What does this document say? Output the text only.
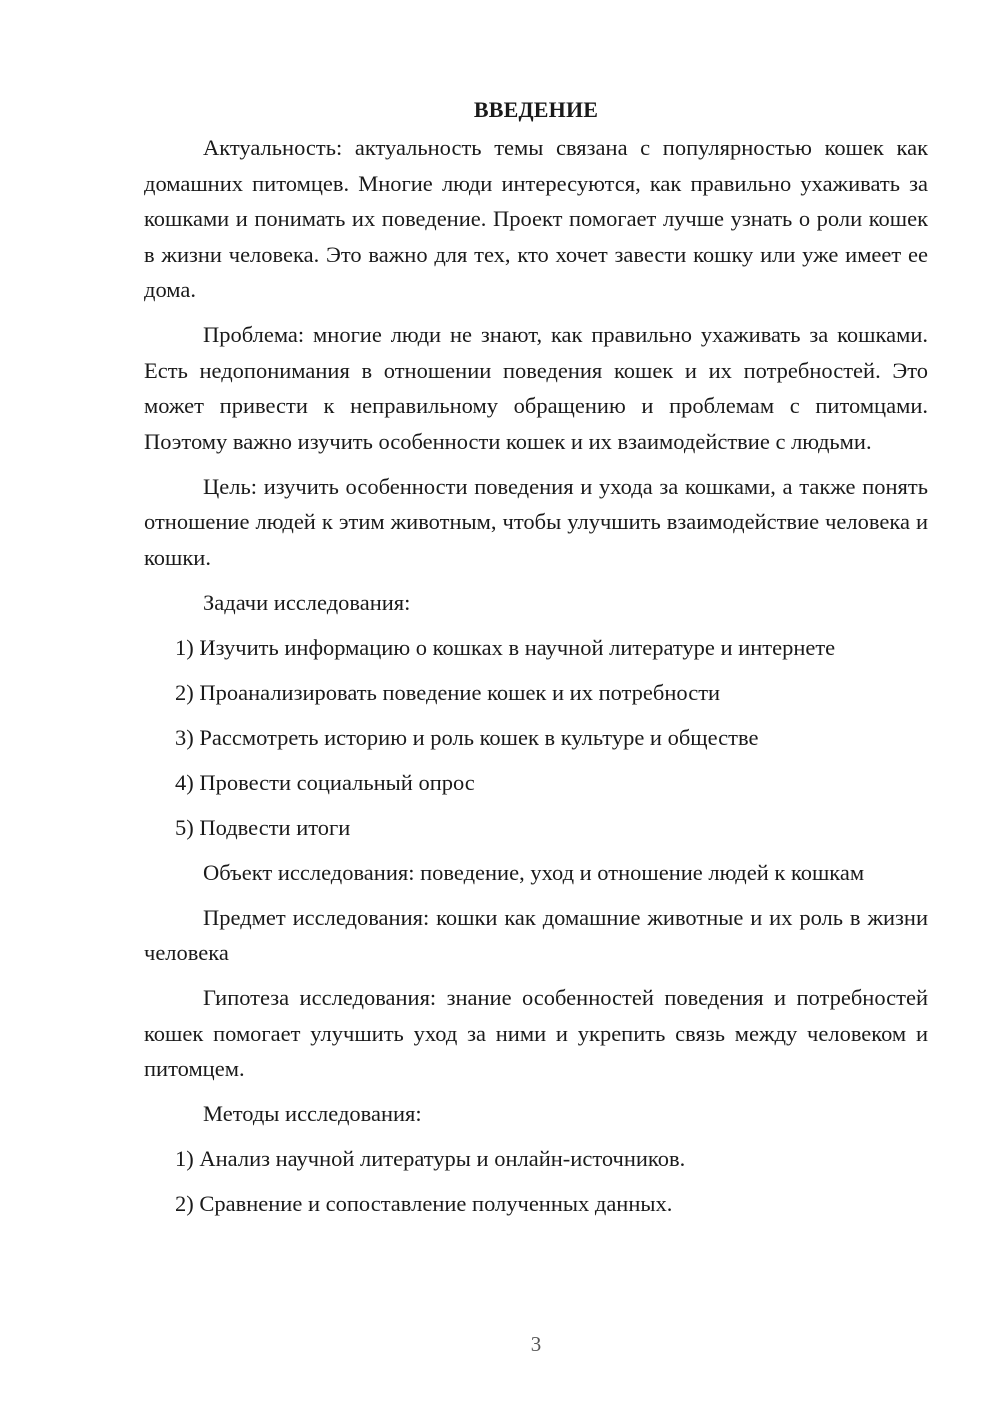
ВВЕДЕНИЕ

Актуальность: актуальность темы связана с популярностью кошек как домашних питомцев. Многие люди интересуются, как правильно ухаживать за кошками и понимать их поведение. Проект помогает лучше узнать о роли кошек в жизни человека. Это важно для тех, кто хочет завести кошку или уже имеет ее дома.

Проблема: многие люди не знают, как правильно ухаживать за кошками. Есть недопонимания в отношении поведения кошек и их потребностей. Это может привести к неправильному обращению и проблемам с питомцами. Поэтому важно изучить особенности кошек и их взаимодействие с людьми.

Цель: изучить особенности поведения и ухода за кошками, а также понять отношение людей к этим животным, чтобы улучшить взаимодействие человека и кошки.

Задачи исследования:

1) Изучить информацию о кошках в научной литературе и интернете

2) Проанализировать поведение кошек и их потребности

3) Рассмотреть историю и роль кошек в культуре и обществе

4) Провести социальный опрос

5) Подвести итоги

Объект исследования: поведение, уход и отношение людей к кошкам

Предмет исследования: кошки как домашние животные и их роль в жизни человека

Гипотеза исследования: знание особенностей поведения и потребностей кошек помогает улучшить уход за ними и укрепить связь между человеком и питомцем.

Методы исследования:

1) Анализ научной литературы и онлайн-источников.

2) Сравнение и сопоставление полученных данных.

3
